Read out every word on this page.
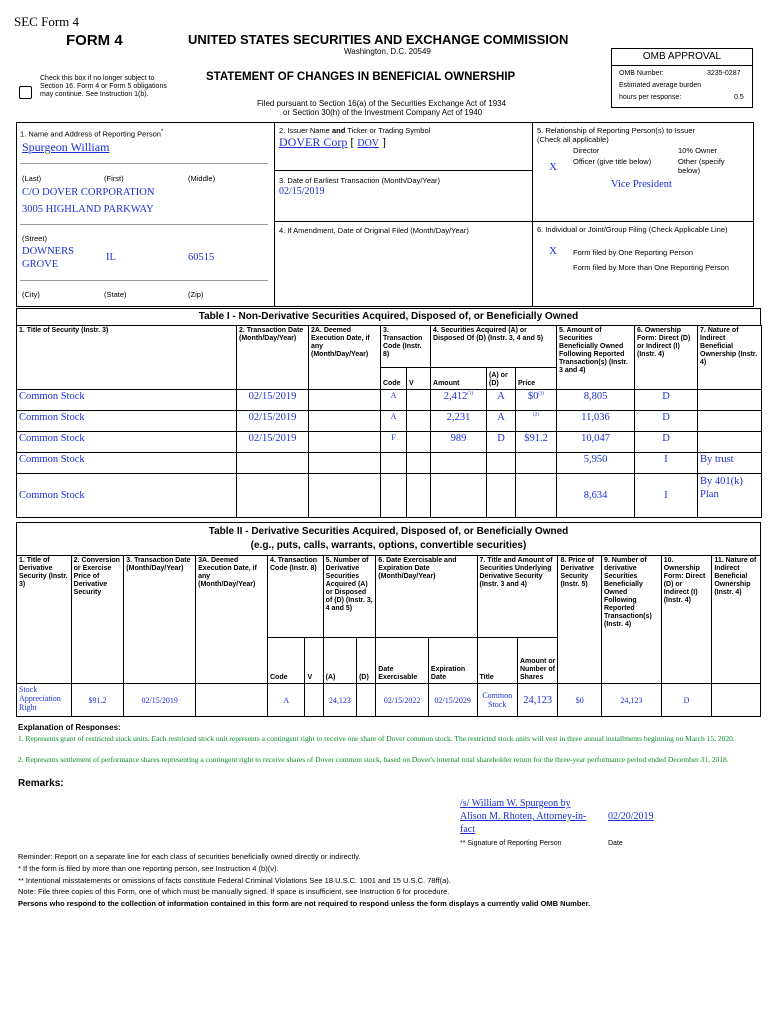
SEC Form 4
FORM 4	UNITED STATES SECURITIES AND EXCHANGE COMMISSION
Washington, D.C. 20549
Check this box if no longer subject to Section 16. Form 4 or Form 5 obligations may continue. See Instruction 1(b).
STATEMENT OF CHANGES IN BENEFICIAL OWNERSHIP
Filed pursuant to Section 16(a) of the Securities Exchange Act of 1934
or Section 30(h) of the Investment Company Act of 1940
OMB APPROVAL
OMB Number:	3235-0287
Estimated average burden
hours per response:	0.5
1. Name and Address of Reporting Person*
Spurgeon William
(Last)	(First)	(Middle)
C/O DOVER CORPORATION
3005 HIGHLAND PARKWAY
(Street)
DOWNERS GROVE
IL	60515
(City)	(State)	(Zip)
2. Issuer Name and Ticker or Trading Symbol
DOVER Corp [ DOV ]
3. Date of Earliest Transaction (Month/Day/Year)
02/15/2019
4. If Amendment, Date of Original Filed (Month/Day/Year)
5. Relationship of Reporting Person(s) to Issuer
(Check all applicable)
Director	10% Owner
X Officer (give title below)	Other (specify below)
Vice President
6. Individual or Joint/Group Filing (Check Applicable Line)
X Form filed by One Reporting Person
Form filed by More than One Reporting Person
Table I - Non-Derivative Securities Acquired, Disposed of, or Beneficially Owned
1. Title of Security (Instr. 3)	2. Transaction Date (Month/Day/Year)	2A. Deemed Execution Date, if any (Month/Day/Year)	3. Transaction Code (Instr. 8)		4. Securities Acquired (A) or Disposed Of (D) (Instr. 3, 4 and 5)			5. Amount of Securities Beneficially Owned Following Reported Transaction(s) (Instr. 3 and 4)	6. Ownership Form: Direct (D) or Indirect (I) (Instr. 4)	7. Nature of Indirect Beneficial Ownership (Instr. 4)
			Code	V	Amount	(A) or (D)	Price			
Common Stock	02/15/2019		A		2,412$^{(1)}$	A	$0$^{(1)}$	8,805	D	
Common Stock	02/15/2019		A		2,231	A	$^{(2)}$	11,036	D	
Common Stock	02/15/2019		F		989	D	$91.2	10,047	D	
Common Stock								5,950	I	By trust
Common Stock								8,634	I	By 401(k) Plan
Table II - Derivative Securities Acquired, Disposed of, or Beneficially Owned
(e.g., puts, calls, warrants, options, convertible securities)
1. Title of Derivative Security (Instr. 3)	2. Conversion or Exercise Price of Derivative Security	3. Transaction Date (Month/Day/Year)	3A. Deemed Execution Date, if any (Month/Day/Year)	4. Transaction Code (Instr. 8)		5. Number of Derivative Securities Acquired (A) or Disposed of (D) (Instr. 3, 4 and 5)		6. Date Exercisable and Expiration Date (Month/Day/Year)		7. Title and Amount of Securities Underlying Derivative Security (Instr. 3 and 4)		8. Price of Derivative Security (Instr. 5)	9. Number of derivative Securities Beneficially Owned Following Reported Transaction(s) (Instr. 4)	10. Ownership Form: Direct (D) or Indirect (I) (Instr. 4)	11. Nature of Indirect Beneficial Ownership (Instr. 4)
				Code	V	(A)	(D)	Date Exercisable	Expiration Date	Title	Amount or Number of Shares				
Stock Appreciation Right	$91.2	02/15/2019		A		24,123		02/15/2022	02/15/2029	Common Stock	24,123	$0	24,123	D	
Explanation of Responses:
1. Represents grant of restricted stock units. Each restricted stock unit represents a contingent right to receive one share of Dover common stock. The restricted stock units will vest in three annual installments beginning on March 15, 2020.
2. Represents settlement of performance shares representing a contingent right to receive shares of Dover common stock, based on Dover's internal total shareholder return for the three-year performance period ended December 31, 2018.
Remarks:
/s/ William W. Spurgeon by
Alison M. Rhoten, Attorney-in-
fact
02/20/2019
** Signature of Reporting Person	Date
Reminder: Report on a separate line for each class of securities beneficially owned directly or indirectly.
* If the form is filed by more than one reporting person, see Instruction 4 (b)(v).
** Intentional misstatements or omissions of facts constitute Federal Criminal Violations See 18 U.S.C. 1001 and 15 U.S.C. 78ff(a).
Note: File three copies of this Form, one of which must be manually signed. If space is insufficient, see Instruction 6 for procedure.
Persons who respond to the collection of information contained in this form are not required to respond unless the form displays a currently valid OMB Number.
